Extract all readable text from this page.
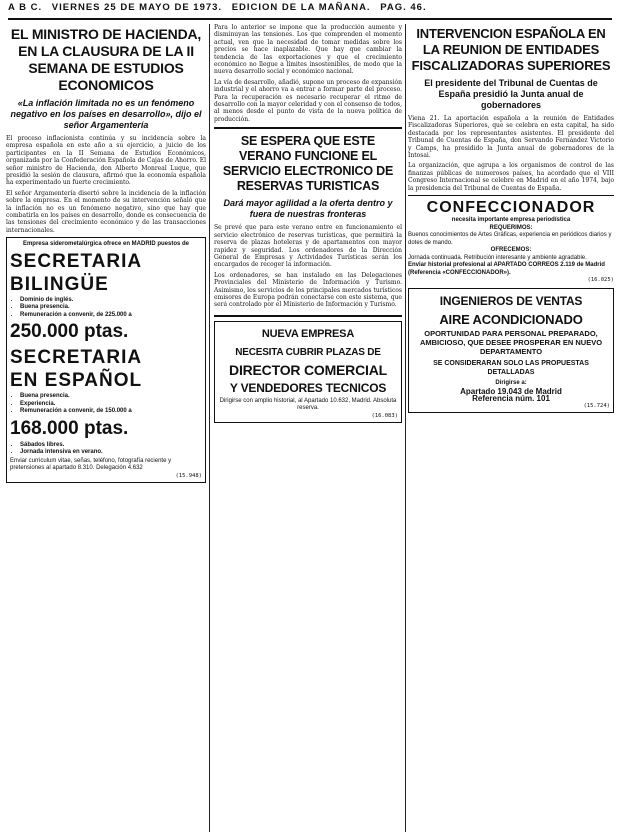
A B C. VIERNES 25 DE MAYO DE 1973. EDICION DE LA MAÑANA. PAG. 46.
EL MINISTRO DE HACIENDA, EN LA CLAUSURA DE LA II SEMANA DE ESTUDIOS ECONOMICOS
«La inflación limitada no es un fenómeno negativo en los países en desarrollo», dijo el señor Argamentería

El proceso inflacionista continúa y su incidencia sobre la empresa española en este año a su ejercicio, a juicio de los participantes en la II Semana de Estudios Económicos, organizada por la Confederación Española de Cajas de Ahorro. El señor ministro de Hacienda, don Alberto Monreal Luque, que presidió la sesión de clausura, afirmó que la economía española ha experimentado un fuerte crecimiento.

El señor Argamentería disertó sobre la incidencia de la inflación sobre la empresa. En el momento de su intervención señaló que la inflación no es un fenómeno negativo, sino que hay que combatirla en los países en desarrollo, donde es consecuencia de las tensiones del crecimiento económico y de las transacciones internacionales.

Empresa siderometalúrgica ofrece en MADRID puestos de
SECRETARIA
BILINGÜE
• Dominio de inglés.
• Buena presencia.
• Remuneración a convenir, de 225.000 a
250.000 ptas.
SECRETARIA
EN ESPAÑOL
• Buena presencia.
• Experiencia.
• Remuneración a convenir, de 150.000 a
168.000 ptas.
• Sábados libres.
• Jornada intensiva en verano.
Enviar curriculum vitae, señas, teléfono, fotografía reciente y pretensiones al apartado 8.310. Delegación 4.632
(15.948)

Para lo anterior se impone que la producción aumente y disminuyan las tensiones. Los que comprenden el momento actual, ven que la necesidad de tomar medidas sobre los precios se hace inaplazable. Que hay que cambiar la tendencia de las exportaciones y que el crecimiento económico no llegue a límites insostenibles, de modo que la nueva desarrollo social y económico nacional.

La vía de desarrollo, añadió, supone un proceso de expansión industrial y el ahorro va a entrar a formar parte del proceso. Para la recuperación es necesario recuperar el ritmo de desarrollo con la mayor celeridad y con el consenso de todos, al menos desde el punto de vista de la nueva política de producción.

SE ESPERA QUE ESTE VERANO FUNCIONE EL SERVICIO ELECTRONICO DE RESERVAS TURISTICAS
Dará mayor agilidad a la oferta dentro y fuera de nuestras fronteras

Se prevé que para este verano entre en funcionamiento el servicio electrónico de reservas turísticas, que permitirá la reserva de plazas hoteleras y de apartamentos con mayor rapidez y seguridad. Los ordenadores de la Dirección General de Empresas y Actividades Turísticas serán los encargados de recoger la información.

Los ordenadores, se han instalado en las Delegaciones Provinciales del Ministerio de Información y Turismo. Asimismo, los servicios de los principales mercados turísticos emisores de Europa podrán conectarse con este sistema, que será controlado por el Ministerio de Información y Turismo.

NUEVA EMPRESA
NECESITA CUBRIR PLAZAS DE
DIRECTOR COMERCIAL
Y VENDEDORES TECNICOS
Dirigirse con amplio historial, al Apartado 10.632, Madrid. Absoluta reserva.
(16.083)
INTERVENCION ESPAÑOLA EN LA REUNION DE ENTIDADES FISCALIZADORAS SUPERIORES
El presidente del Tribunal de Cuentas de España presidió la Junta anual de gobernadores

Viena 21. La aportación española a la reunión de Entidades Fiscalizadoras Superiores, que se celebra en esta capital, ha sido destacada por los representantes asistentes. El presidente del Tribunal de Cuentas de España, don Servando Fernández Victorio y Camps, ha presidido la Junta anual de gobernadores de la Intosai.

La organización, que agrupa a los organismos de control de las finanzas públicas de numerosos países, ha acordado que el VIII Congreso Internacional se celebre en Madrid en el año 1974, bajo la presidencia del Tribunal de Cuentas de España.

CONFECCIONADOR
necesita importante empresa periodística
REQUERIMOS:
Buenos conocimientos de Artes Gráficas, experiencia en periódicos diarios y dotes de mando.
OFRECEMOS:
Jornada continuada. Retribución interesante y ambiente agradable.
Enviar historial profesional al APARTADO CORREOS 2.119 de Madrid (Referencia «CONFECCIONADOR»).
(16.025)
INGENIEROS DE VENTAS
AIRE ACONDICIONADO
OPORTUNIDAD PARA PERSONAL PREPARADO, AMBICIOSO, QUE DESEE PROSPERAR EN NUEVO DEPARTAMENTO
SE CONSIDERARAN SOLO LAS PROPUESTAS DETALLADAS
Dirigirse a:
Apartado 19.043 de Madrid
Referencia núm. 101
(15.724)
